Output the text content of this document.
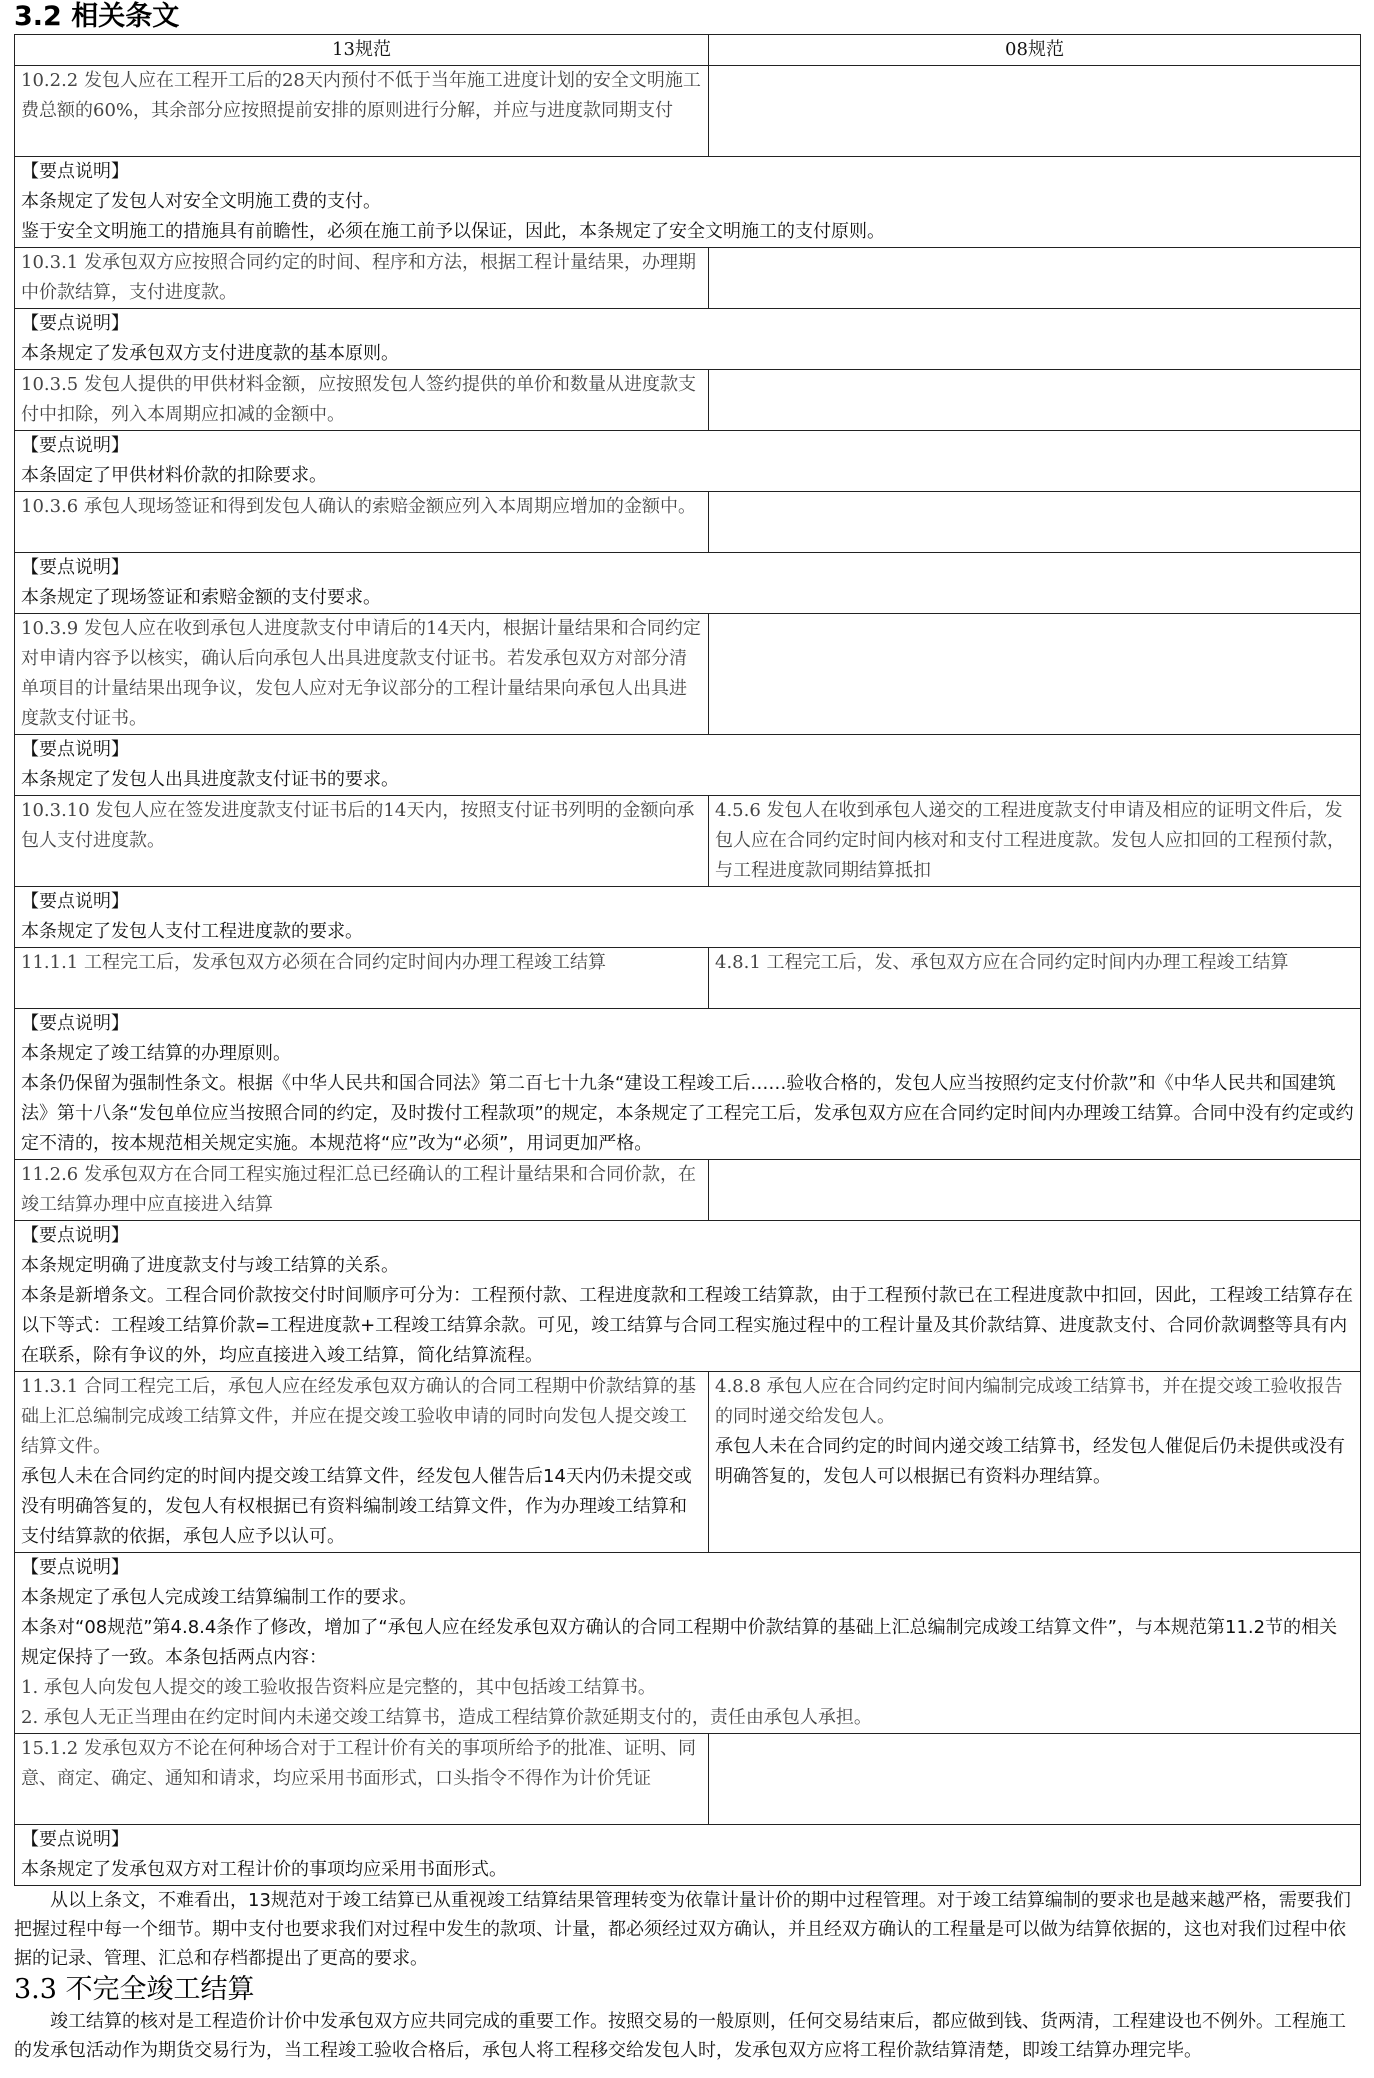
3.2 相关条文
13规范	08规范
10.2.2 发包人应在工程开工后的28天内预付不低于当年施工进度计划的安全文明施工费总额的60%，其余部分应按照提前安排的原则进行分解，并应与进度款同期支付	

【要点说明】
本条规定了发包人对安全文明施工费的支付。
鉴于安全文明施工的措施具有前瞻性，必须在施工前予以保证，因此，本条规定了安全文明施工的支付原则。	

10.3.1 发承包双方应按照合同约定的时间、程序和方法，根据工程计量结果，办理期中价款结算，支付进度款。	

【要点说明】
本条规定了发承包双方支付进度款的基本原则。	

10.3.5 发包人提供的甲供材料金额，应按照发包人签约提供的单价和数量从进度款支付中扣除，列入本周期应扣减的金额中。	

【要点说明】
本条固定了甲供材料价款的扣除要求。	

10.3.6 承包人现场签证和得到发包人确认的索赔金额应列入本周期应增加的金额中。	

【要点说明】
本条规定了现场签证和索赔金额的支付要求。	

10.3.9 发包人应在收到承包人进度款支付申请后的14天内，根据计量结果和合同约定对申请内容予以核实，确认后向承包人出具进度款支付证书。若发承包双方对部分清单项目的计量结果出现争议，发包人应对无争议部分的工程计量结果向承包人出具进度款支付证书。	

【要点说明】
本条规定了发包人出具进度款支付证书的要求。	

10.3.10 发包人应在签发进度款支付证书后的14天内，按照支付证书列明的金额向承包人支付进度款。	4.5.6 发包人在收到承包人递交的工程进度款支付申请及相应的证明文件后，发包人应在合同约定时间内核对和支付工程进度款。发包人应扣回的工程预付款，与工程进度款同期结算抵扣

【要点说明】
本条规定了发包人支付工程进度款的要求。	

11.1.1 工程完工后，发承包双方必须在合同约定时间内办理工程竣工结算	4.8.1 工程完工后，发、承包双方应在合同约定时间内办理工程竣工结算

【要点说明】
本条规定了竣工结算的办理原则。
本条仍保留为强制性条文。根据《中华人民共和国合同法》第二百七十九条“建设工程竣工后……验收合格的，发包人应当按照约定支付价款”和《中华人民共和国建筑法》第十八条“发包单位应当按照合同的约定，及时拨付工程款项”的规定，本条规定了工程完工后，发承包双方应在合同约定时间内办理竣工结算。合同中没有约定或约定不清的，按本规范相关规定实施。本规范将“应”改为“必须”，用词更加严格。	

11.2.6 发承包双方在合同工程实施过程汇总已经确认的工程计量结果和合同价款，在竣工结算办理中应直接进入结算	

【要点说明】
本条规定明确了进度款支付与竣工结算的关系。
本条是新增条文。工程合同价款按交付时间顺序可分为：工程预付款、工程进度款和工程竣工结算款，由于工程预付款已在工程进度款中扣回，因此，工程竣工结算存在以下等式：工程竣工结算价款=工程进度款+工程竣工结算余款。可见，竣工结算与合同工程实施过程中的工程计量及其价款结算、进度款支付、合同价款调整等具有内在联系，除有争议的外，均应直接进入竣工结算，简化结算流程。	

11.3.1 合同工程完工后，承包人应在经发承包双方确认的合同工程期中价款结算的基础上汇总编制完成竣工结算文件，并应在提交竣工验收申请的同时向发包人提交竣工结算文件。
承包人未在合同约定的时间内提交竣工结算文件，经发包人催告后14天内仍未提交或没有明确答复的，发包人有权根据已有资料编制竣工结算文件，作为办理竣工结算和支付结算款的依据，承包人应予以认可。	4.8.8 承包人应在合同约定时间内编制完成竣工结算书，并在提交竣工验收报告的同时递交给发包人。
承包人未在合同约定的时间内递交竣工结算书，经发包人催促后仍未提供或没有明确答复的，发包人可以根据已有资料办理结算。

【要点说明】
本条规定了承包人完成竣工结算编制工作的要求。
本条对“08规范”第4.8.4条作了修改，增加了“承包人应在经发承包双方确认的合同工程期中价款结算的基础上汇总编制完成竣工结算文件”，与本规范第11.2节的相关规定保持了一致。本条包括两点内容：
1. 承包人向发包人提交的竣工验收报告资料应是完整的，其中包括竣工结算书。
2. 承包人无正当理由在约定时间内未递交竣工结算书，造成工程结算价款延期支付的，责任由承包人承担。	

15.1.2 发承包双方不论在何种场合对于工程计价有关的事项所给予的批准、证明、同意、商定、确定、通知和请求，均应采用书面形式，口头指令不得作为计价凭证	

【要点说明】
本条规定了发承包双方对工程计价的事项均应采用书面形式。	

从以上条文，不难看出，13规范对于竣工结算已从重视竣工结算结果管理转变为依靠计量计价的期中过程管理。对于竣工结算编制的要求也是越来越严格，需要我们把握过程中每一个细节。期中支付也要求我们对过程中发生的款项、计量，都必须经过双方确认，并且经双方确认的工程量是可以做为结算依据的，这也对我们过程中依据的记录、管理、汇总和存档都提出了更高的要求。

3.3 不完全竣工结算

竣工结算的核对是工程造价计价中发承包双方应共同完成的重要工作。按照交易的一般原则，任何交易结束后，都应做到钱、货两清，工程建设也不例外。工程施工的发承包活动作为期货交易行为，当工程竣工验收合格后，承包人将工程移交给发包人时，发承包双方应将工程价款结算清楚，即竣工结算办理完毕。
